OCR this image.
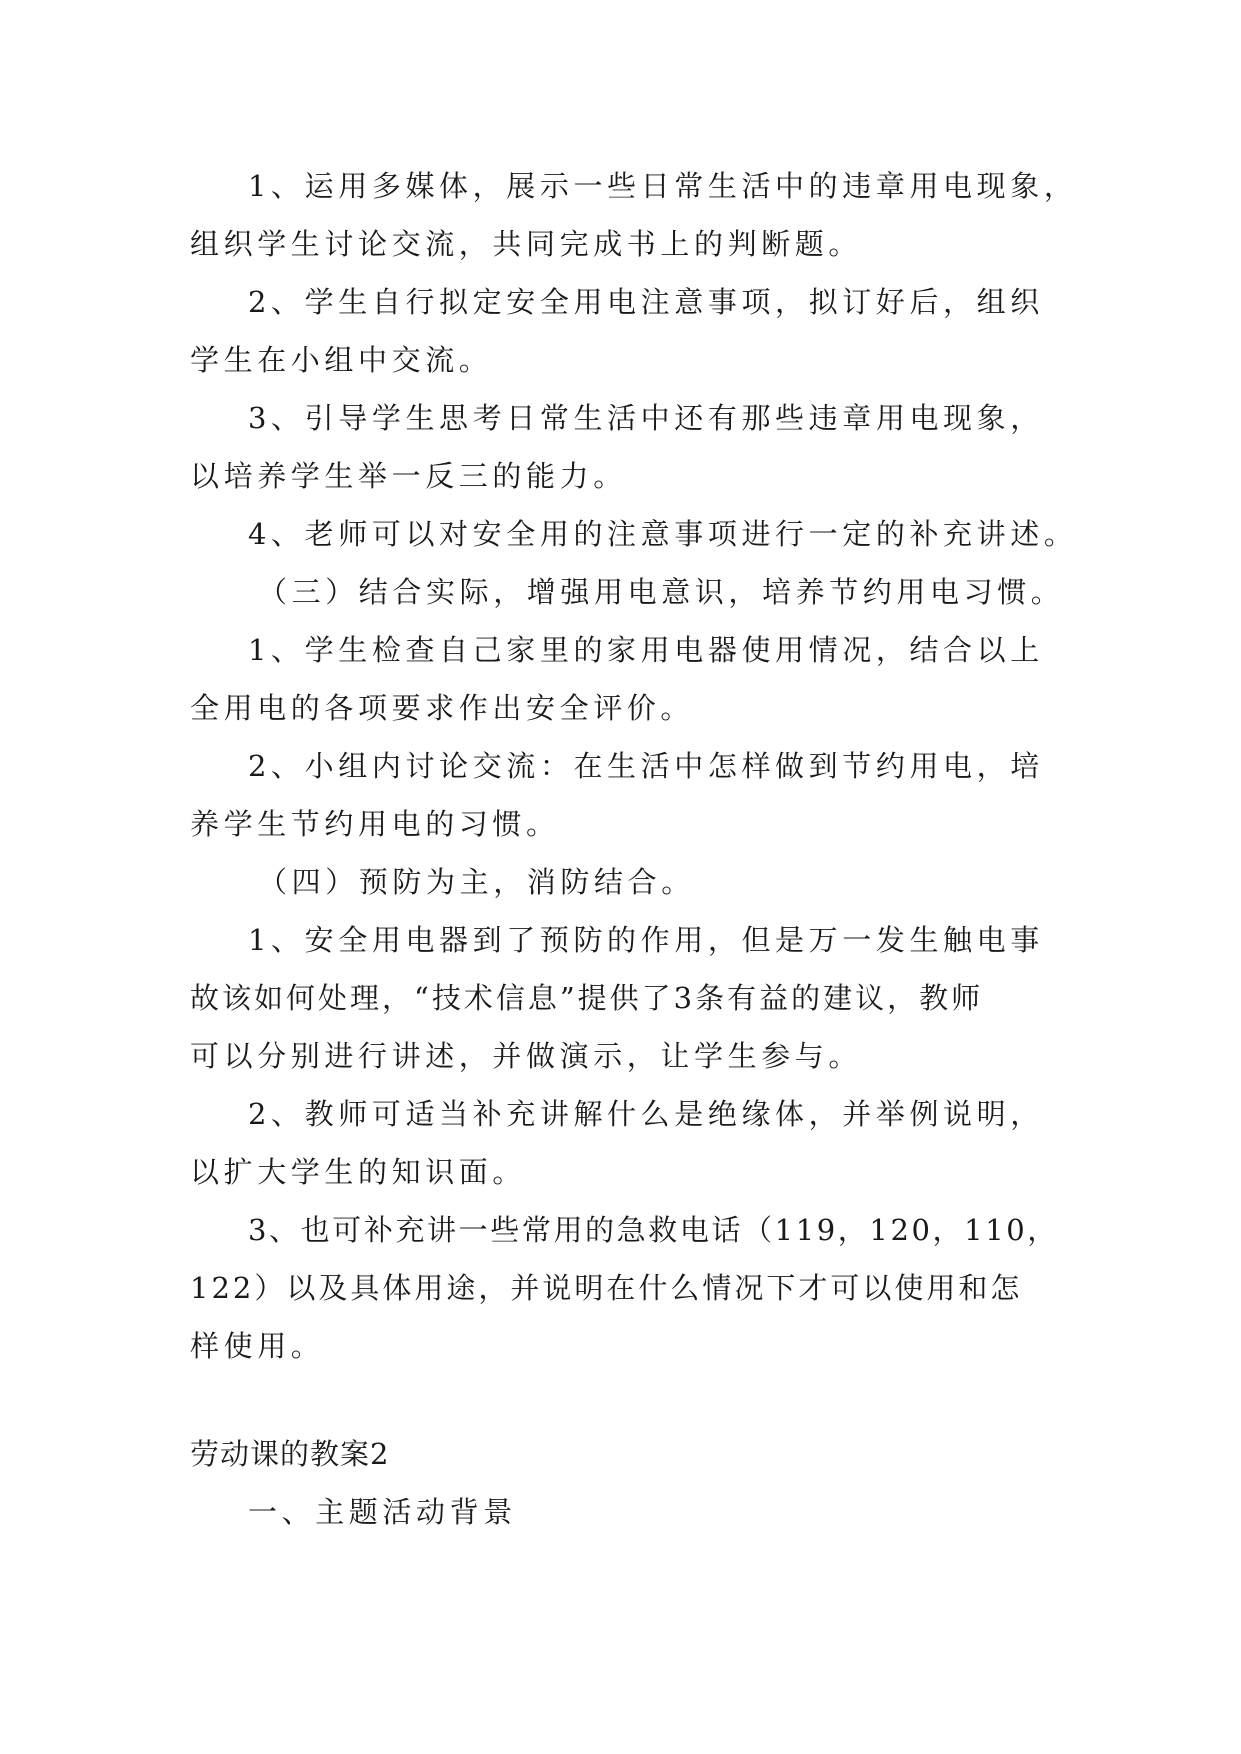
1、运用多媒体，展示一些日常生活中的违章用电现象，
组织学生讨论交流，共同完成书上的判断题。
2、学生自行拟定安全用电注意事项，拟订好后，组织
学生在小组中交流。
3、引导学生思考日常生活中还有那些违章用电现象，
以培养学生举一反三的能力。
4、老师可以对安全用的注意事项进行一定的补充讲述。
（三）结合实际，增强用电意识，培养节约用电习惯。
1、学生检查自己家里的家用电器使用情况，结合以上
全用电的各项要求作出安全评价。
2、小组内讨论交流：在生活中怎样做到节约用电，培
养学生节约用电的习惯。
（四）预防为主，消防结合。
1、安全用电器到了预防的作用，但是万一发生触电事
故该如何处理，“技术信息”提供了3条有益的建议，教师
可以分别进行讲述，并做演示，让学生参与。
2、教师可适当补充讲解什么是绝缘体，并举例说明，
以扩大学生的知识面。
3、也可补充讲一些常用的急救电话（119，120，110，
122）以及具体用途，并说明在什么情况下才可以使用和怎
样使用。
劳动课的教案2
一、主题活动背景
